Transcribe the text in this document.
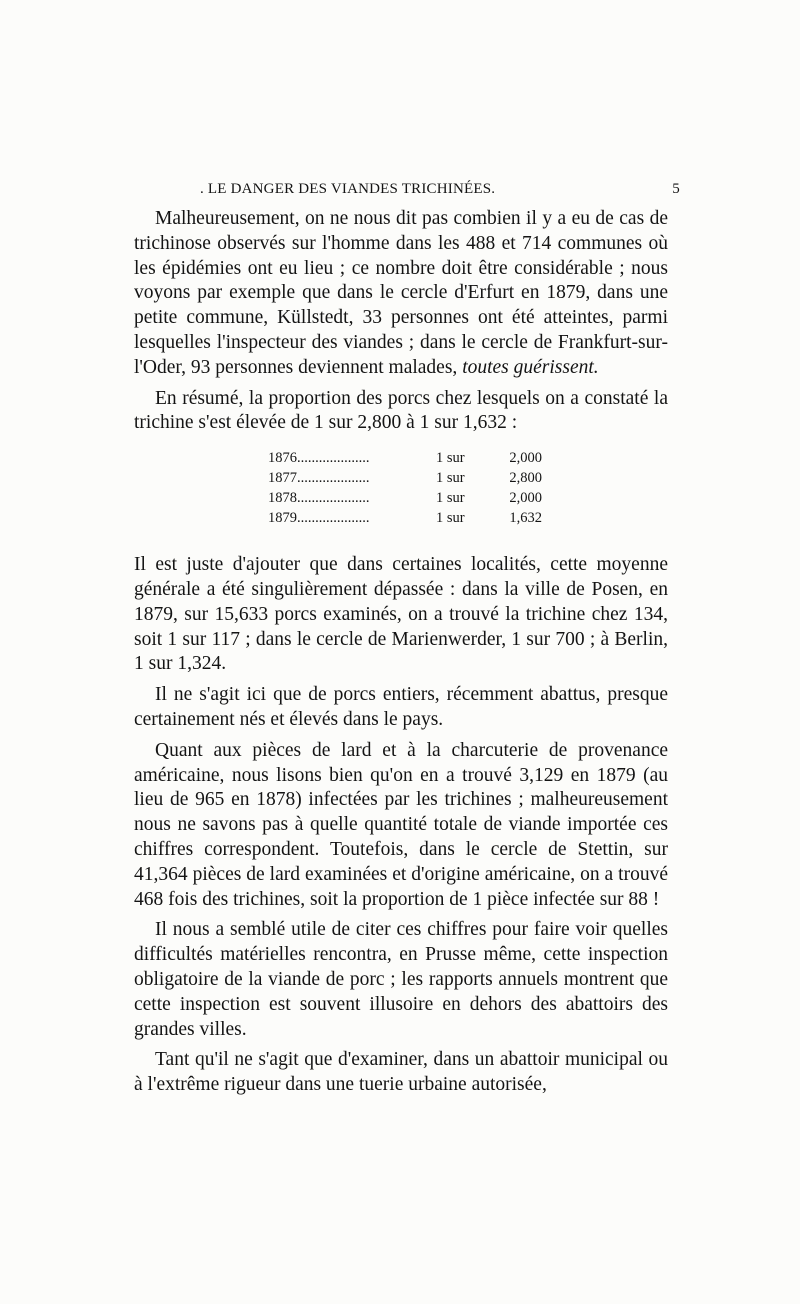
. LE DANGER DES VIANDES TRICHINÉES.	5

Malheureusement, on ne nous dit pas combien il y a eu de cas de trichinose observés sur l'homme dans les 488 et 714 communes où les épidémies ont eu lieu ; ce nombre doit être considérable ; nous voyons par exemple que dans le cercle d'Erfurt en 1879, dans une petite commune, Küllstedt, 33 personnes ont été atteintes, parmi lesquelles l'inspecteur des viandes ; dans le cercle de Frankfurt-sur-l'Oder, 93 personnes deviennent malades, toutes guérissent.

En résumé, la proportion des porcs chez lesquels on a constaté la trichine s'est élevée de 1 sur 2,800 à 1 sur 1,632 :

1876 .....	1 sur	2,000
1877 .....	1 sur	2,800
1878 .....	1 sur	2,000
1879 .....	1 sur	1,632

Il est juste d'ajouter que dans certaines localités, cette moyenne générale a été singulièrement dépassée : dans la ville de Posen, en 1879, sur 15,633 porcs examinés, on a trouvé la trichine chez 134, soit 1 sur 117 ; dans le cercle de Marienwerder, 1 sur 700 ; à Berlin, 1 sur 1,324.

Il ne s'agit ici que de porcs entiers, récemment abattus, presque certainement nés et élevés dans le pays.

Quant aux pièces de lard et à la charcuterie de provenance américaine, nous lisons bien qu'on en a trouvé 3,129 en 1879 (au lieu de 965 en 1878) infectées par les trichines ; malheureusement nous ne savons pas à quelle quantité totale de viande importée ces chiffres correspondent. Toutefois, dans le cercle de Stettin, sur 41,364 pièces de lard examinées et d'origine américaine, on a trouvé 468 fois des trichines, soit la proportion de 1 pièce infectée sur 88 !

Il nous a semblé utile de citer ces chiffres pour faire voir quelles difficultés matérielles rencontra, en Prusse même, cette inspection obligatoire de la viande de porc ; les rapports annuels montrent que cette inspection est souvent illusoire en dehors des abattoirs des grandes villes.

Tant qu'il ne s'agit que d'examiner, dans un abattoir municipal ou à l'extrême rigueur dans une tuerie urbaine autorisée,
